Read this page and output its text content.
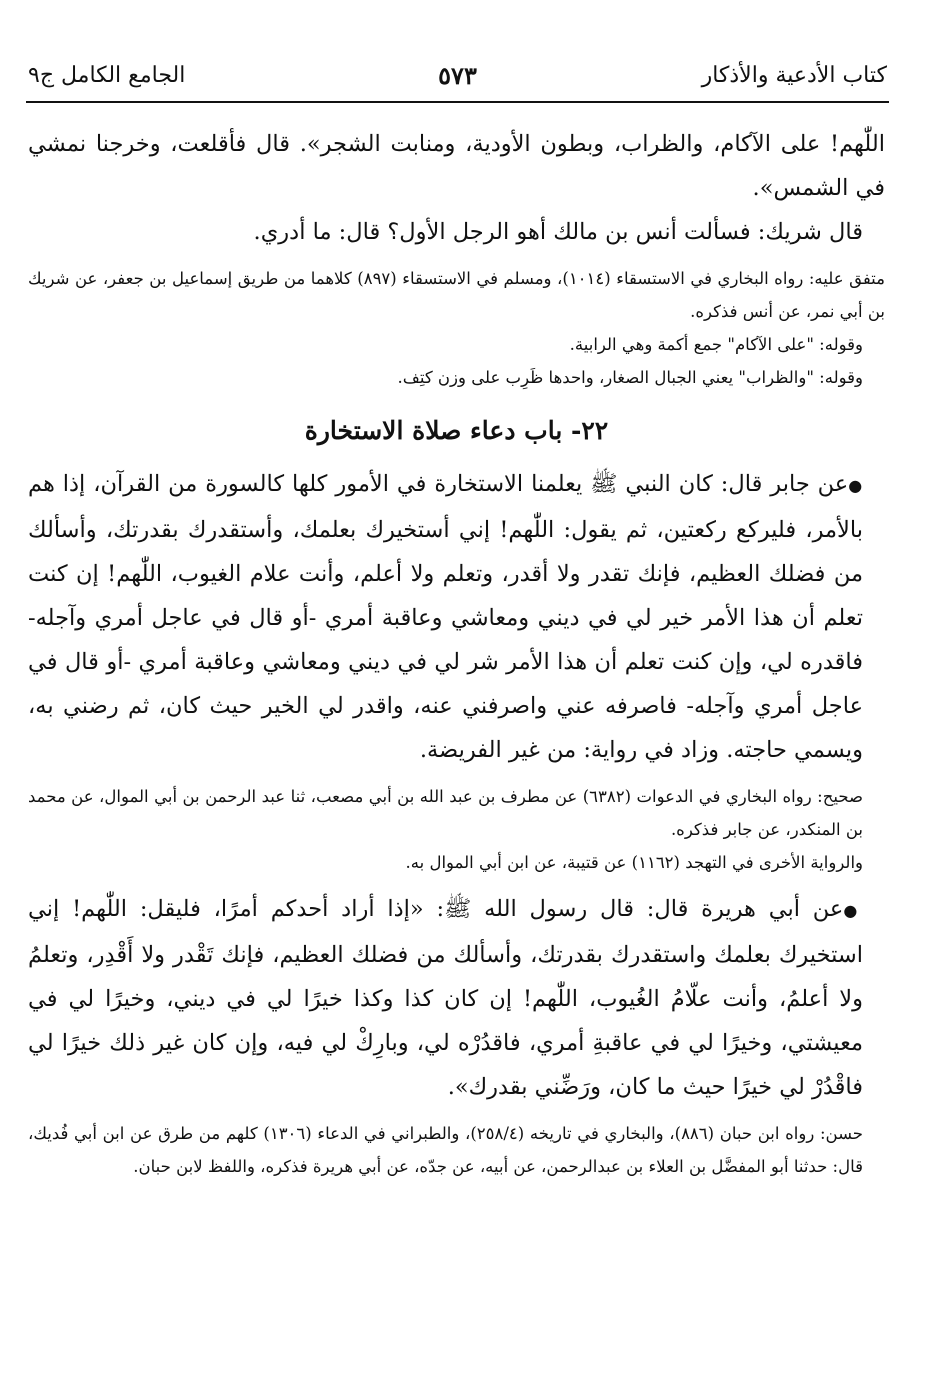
كتاب الأدعية والأذكار
٥٧٣
الجامع الكامل ج٩

اللّٰهم! على الآكام، والظراب، وبطون الأودية، ومنابت الشجر». قال فأقلعت، وخرجنا نمشي في الشمس».

قال شريك: فسألت أنس بن مالك أهو الرجل الأول؟ قال: ما أدري.

متفق عليه: رواه البخاري في الاستسقاء (١٠١٤)، ومسلم في الاستسقاء (٨٩٧) كلاهما من طريق إسماعيل بن جعفر، عن شريك بن أبي نمر، عن أنس فذكره.

وقوله: "على الآكام" جمع أكمة وهي الرابية.

وقوله: "والظراب" يعني الجبال الصغار، واحدها ظَرِب على وزن كتِف.

٢٢- باب دعاء صلاة الاستخارة

● عن جابر قال: كان النبي ﷺ يعلمنا الاستخارة في الأمور كلها كالسورة من القرآن، إذا هم بالأمر، فليركع ركعتين، ثم يقول: اللّٰهم! إني أستخيرك بعلمك، وأستقدرك بقدرتك، وأسألك من فضلك العظيم، فإنك تقدر ولا أقدر، وتعلم ولا أعلم، وأنت علام الغيوب، اللّٰهم! إن كنت تعلم أن هذا الأمر خير لي في ديني ومعاشي وعاقبة أمري -أو قال في عاجل أمري وآجله- فاقدره لي، وإن كنت تعلم أن هذا الأمر شر لي في ديني ومعاشي وعاقبة أمري -أو قال في عاجل أمري وآجله- فاصرفه عني واصرفني عنه، واقدر لي الخير حيث كان، ثم رضني به، ويسمي حاجته. وزاد في رواية: من غير الفريضة.

صحيح: رواه البخاري في الدعوات (٦٣٨٢) عن مطرف بن عبد الله بن أبي مصعب، ثنا عبد الرحمن بن أبي الموال، عن محمد بن المنكدر، عن جابر فذكره.

والرواية الأخرى في التهجد (١١٦٢) عن قتيبة، عن ابن أبي الموال به.

● عن أبي هريرة قال: قال رسول الله ﷺ: «إذا أراد أحدكم أمرًا، فليقل: اللّٰهم! إني استخيرك بعلمك واستقدرك بقدرتك، وأسألك من فضلك العظيم، فإنك تَقْدر ولا أَقْدِر، وتعلمُ ولا أعلمُ، وأنت علّامُ الغُيوب، اللّٰهم! إن كان كذا وكذا خيرًا لي في ديني، وخيرًا لي في معيشتي، وخيرًا لي في عاقبةِ أمري، فاقدُرْه لي، وبارِكْ لي فيه، وإن كان غير ذلك خيرًا لي فاقْدُرْ لي خيرًا حيث ما كان، ورَضِّني بقدرك».

حسن: رواه ابن حبان (٨٨٦)، والبخاري في تاريخه (٢٥٨/٤)، والطبراني في الدعاء (١٣٠٦) كلهم من طرق عن ابن أبي فُديك، قال: حدثنا أبو المفضَّل بن العلاء بن عبدالرحمن، عن أبيه، عن جدّه، عن أبي هريرة فذكره، واللفظ لابن حبان.
